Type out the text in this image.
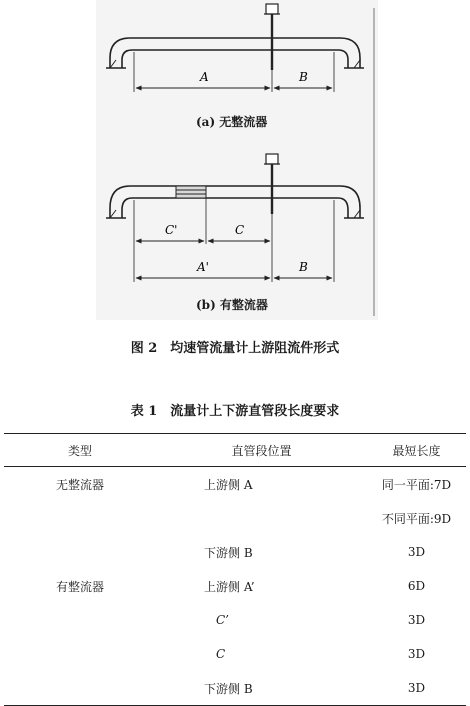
A	B
C'	C
A'	B
(a) 无整流器
(b) 有整流器
图 2　均速管流量计上游阻流件形式
表 1　流量计上下游直管段长度要求
类型	直管段位置	最短长度
无整流器	上游侧 A	同一平面:7D
		不同平面:9D
	下游侧 B	3D
有整流器	上游侧 A’	6D
	C’	3D
	C	3D
	下游侧 B	3D
